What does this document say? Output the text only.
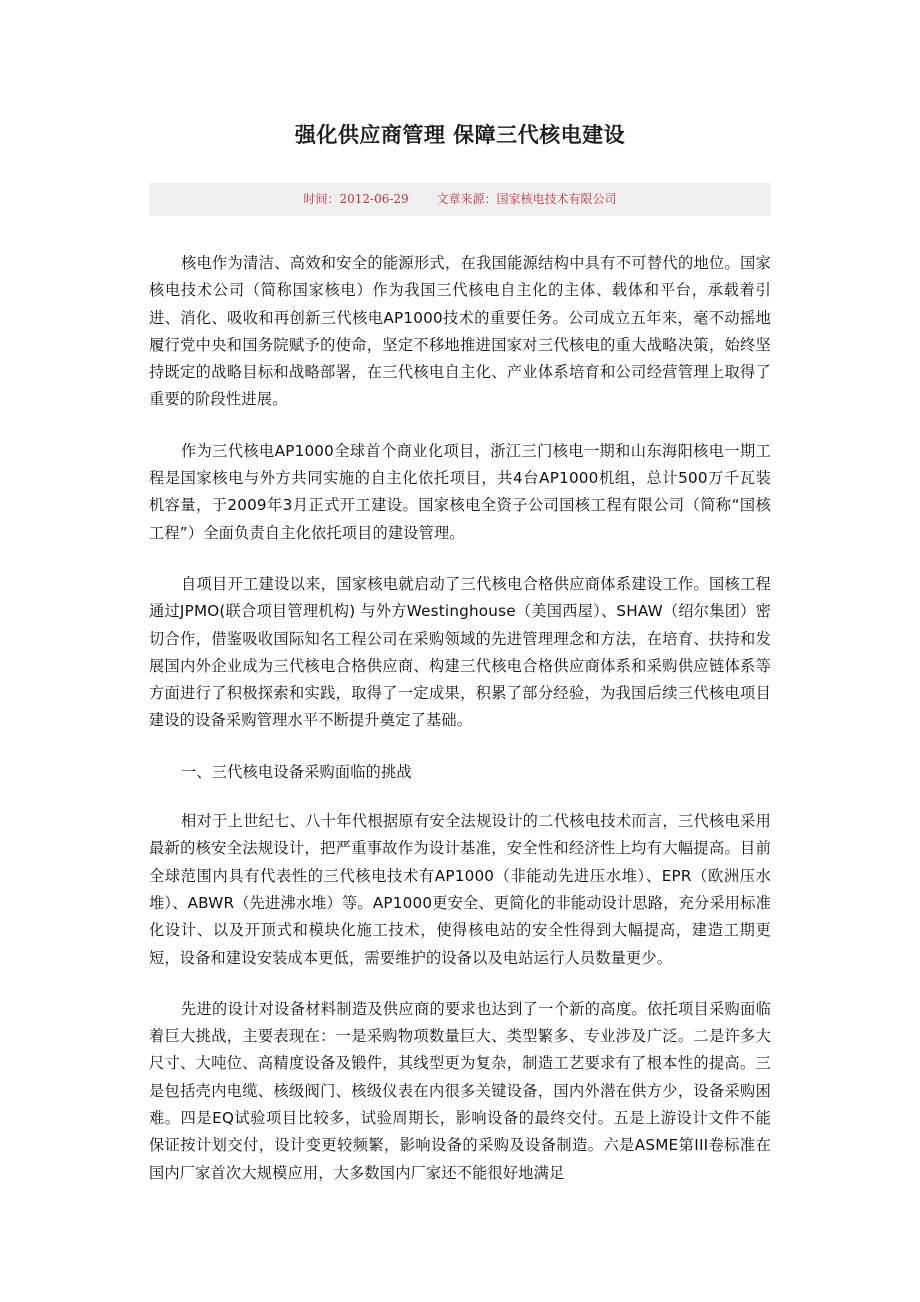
强化供应商管理 保障三代核电建设
时间：2012-06-29 文章来源：国家核电技术有限公司

核电作为清洁、高效和安全的能源形式，在我国能源结构中具有不可替代的地位。国家核电技术公司（简称国家核电）作为我国三代核电自主化的主体、载体和平台，承载着引进、消化、吸收和再创新三代核电AP1000技术的重要任务。公司成立五年来，毫不动摇地履行党中央和国务院赋予的使命，坚定不移地推进国家对三代核电的重大战略决策，始终坚持既定的战略目标和战略部署，在三代核电自主化、产业体系培育和公司经营管理上取得了重要的阶段性进展。

作为三代核电AP1000全球首个商业化项目，浙江三门核电一期和山东海阳核电一期工程是国家核电与外方共同实施的自主化依托项目，共4台AP1000机组，总计500万千瓦装机容量，于2009年3月正式开工建设。国家核电全资子公司国核工程有限公司（简称“国核工程”）全面负责自主化依托项目的建设管理。

自项目开工建设以来，国家核电就启动了三代核电合格供应商体系建设工作。国核工程通过JPMO(联合项目管理机构) 与外方Westinghouse（美国西屋）、SHAW（绍尔集团）密切合作，借鉴吸收国际知名工程公司在采购领域的先进管理理念和方法，在培育、扶持和发展国内外企业成为三代核电合格供应商、构建三代核电合格供应商体系和采购供应链体系等方面进行了积极探索和实践，取得了一定成果，积累了部分经验，为我国后续三代核电项目建设的设备采购管理水平不断提升奠定了基础。

一、三代核电设备采购面临的挑战

相对于上世纪七、八十年代根据原有安全法规设计的二代核电技术而言，三代核电采用最新的核安全法规设计，把严重事故作为设计基准，安全性和经济性上均有大幅提高。目前全球范围内具有代表性的三代核电技术有AP1000（非能动先进压水堆）、EPR（欧洲压水堆）、ABWR（先进沸水堆）等。AP1000更安全、更简化的非能动设计思路，充分采用标准化设计、以及开顶式和模块化施工技术，使得核电站的安全性得到大幅提高，建造工期更短，设备和建设安装成本更低，需要维护的设备以及电站运行人员数量更少。

先进的设计对设备材料制造及供应商的要求也达到了一个新的高度。依托项目采购面临着巨大挑战，主要表现在：一是采购物项数量巨大、类型繁多、专业涉及广泛。二是许多大尺寸、大吨位、高精度设备及锻件，其线型更为复杂，制造工艺要求有了根本性的提高。三是包括壳内电缆、核级阀门、核级仪表在内很多关键设备，国内外潜在供方少，设备采购困难。四是EQ试验项目比较多，试验周期长，影响设备的最终交付。五是上游设计文件不能保证按计划交付，设计变更较频繁，影响设备的采购及设备制造。六是ASME第III卷标准在国内厂家首次大规模应用，大多数国内厂家还不能很好地满足
